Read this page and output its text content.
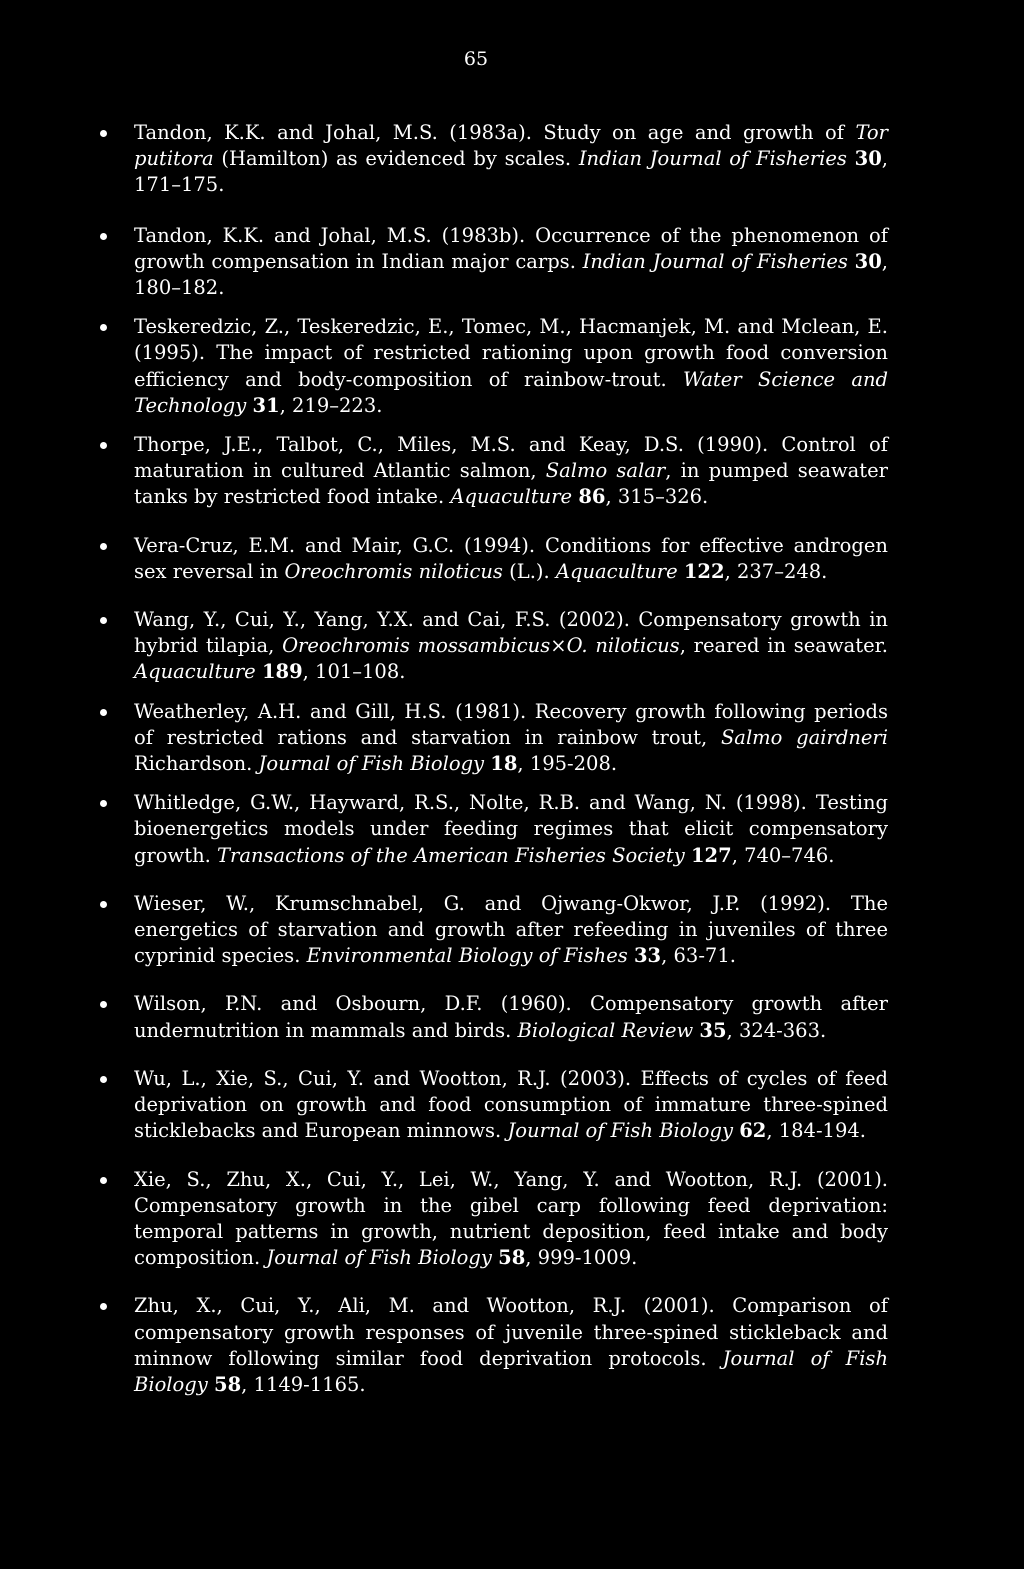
65
Tandon, K.K. and Johal, M.S. (1983a). Study on age and growth of Tor putitora (Hamilton) as evidenced by scales. Indian Journal of Fisheries 30, 171–175.
Tandon, K.K. and Johal, M.S. (1983b). Occurrence of the phenomenon of growth compensation in Indian major carps. Indian Journal of Fisheries 30, 180–182.
Teskeredzic, Z., Teskeredzic, E., Tomec, M., Hacmanjek, M. and Mclean, E. (1995). The impact of restricted rationing upon growth food conversion efficiency and body-composition of rainbow-trout. Water Science and Technology 31, 219–223.
Thorpe, J.E., Talbot, C., Miles, M.S. and Keay, D.S. (1990). Control of maturation in cultured Atlantic salmon, Salmo salar, in pumped seawater tanks by restricted food intake. Aquaculture 86, 315–326.
Vera-Cruz, E.M. and Mair, G.C. (1994). Conditions for effective androgen sex reversal in Oreochromis niloticus (L.). Aquaculture 122, 237–248.
Wang, Y., Cui, Y., Yang, Y.X. and Cai, F.S. (2002). Compensatory growth in hybrid tilapia, Oreochromis mossambicus×O. niloticus, reared in seawater. Aquaculture 189, 101–108.
Weatherley, A.H. and Gill, H.S. (1981). Recovery growth following periods of restricted rations and starvation in rainbow trout, Salmo gairdneri Richardson. Journal of Fish Biology 18, 195-208.
Whitledge, G.W., Hayward, R.S., Nolte, R.B. and Wang, N. (1998). Testing bioenergetics models under feeding regimes that elicit compensatory growth. Transactions of the American Fisheries Society 127, 740–746.
Wieser, W., Krumschnabel, G. and Ojwang-Okwor, J.P. (1992). The energetics of starvation and growth after refeeding in juveniles of three cyprinid species. Environmental Biology of Fishes 33, 63-71.
Wilson, P.N. and Osbourn, D.F. (1960). Compensatory growth after undernutrition in mammals and birds. Biological Review 35, 324-363.
Wu, L., Xie, S., Cui, Y. and Wootton, R.J. (2003). Effects of cycles of feed deprivation on growth and food consumption of immature three-spined sticklebacks and European minnows. Journal of Fish Biology 62, 184-194.
Xie, S., Zhu, X., Cui, Y., Lei, W., Yang, Y. and Wootton, R.J. (2001). Compensatory growth in the gibel carp following feed deprivation: temporal patterns in growth, nutrient deposition, feed intake and body composition. Journal of Fish Biology 58, 999-1009.
Zhu, X., Cui, Y., Ali, M. and Wootton, R.J. (2001). Comparison of compensatory growth responses of juvenile three-spined stickleback and minnow following similar food deprivation protocols. Journal of Fish Biology 58, 1149-1165.
